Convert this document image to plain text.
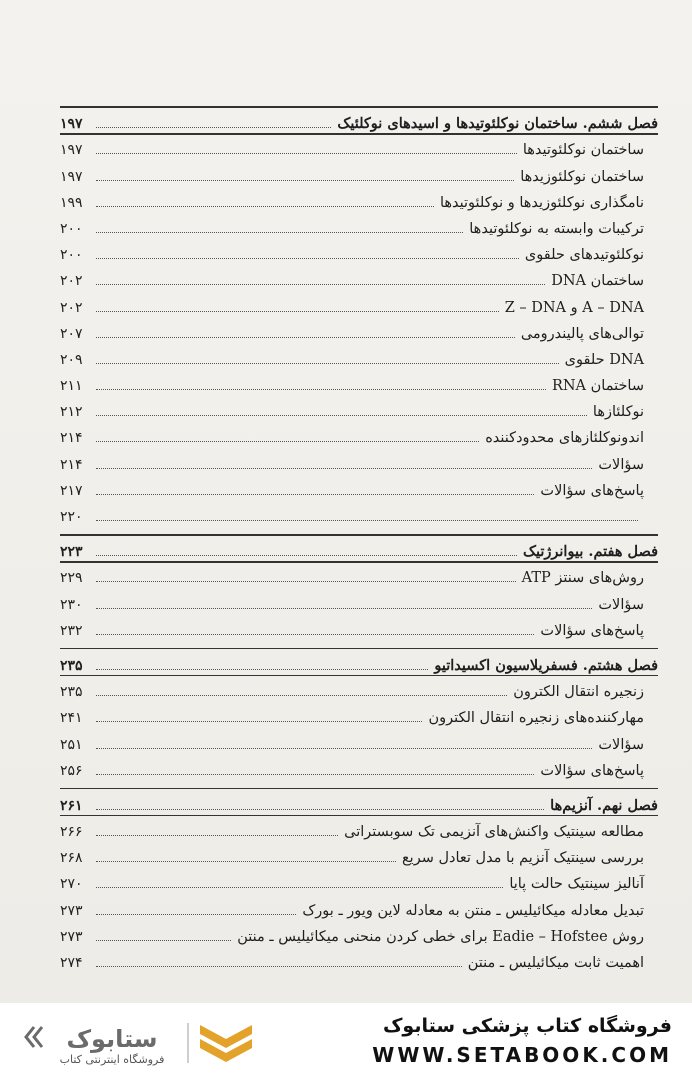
فصل ششم. ساختمان نوکلئوتیدها و اسیدهای نوکلئیک
۱۹۷
ساختمان نوکلئوتیدها
۱۹۷
ساختمان نوکلئوزیدها
۱۹۷
نامگذاری نوکلئوزیدها و نوکلئوتیدها
۱۹۹
ترکیبات وابسته به نوکلئوتیدها
۲۰۰
نوکلئوتیدهای حلقوی
۲۰۰
ساختمان DNA
۲۰۲
A – DNA و Z – DNA
۲۰۲
توالی‌های پالیندرومی
۲۰۷
DNA حلقوی
۲۰۹
ساختمان RNA
۲۱۱
نوکلئازها
۲۱۲
اندونوکلئازهای محدودکننده
۲۱۴
سؤالات
۲۱۴
پاسخ‌های سؤالات
۲۱۷
۲۲۰
فصل هفتم. بیوانرژتیک
۲۲۳
روش‌های سنتز ATP
۲۲۹
سؤالات
۲۳۰
پاسخ‌های سؤالات
۲۳۲
فصل هشتم. فسفریلاسیون اکسیداتیو
۲۳۵
زنجیره انتقال الکترون
۲۳۵
مهارکننده‌های زنجیره انتقال الکترون
۲۴۱
سؤالات
۲۵۱
پاسخ‌های سؤالات
۲۵۶
فصل نهم. آنزیم‌ها
۲۶۱
مطالعه سینتیک واکنش‌های آنزیمی تک سوبستراتی
۲۶۶
بررسی سینتیک آنزیم با مدل تعادل سریع
۲۶۸
آنالیز سینتیک حالت پایا
۲۷۰
تبدیل معادله میکائیلیس ـ منتن به معادله لاین ویور ـ بورک
۲۷۳
روش Eadie – Hofstee برای خطی کردن منحنی میکائیلیس ـ منتن
۲۷۳
اهمیت ثابت میکائیلیس ـ منتن
۲۷۴
ستابوک
فروشگاه اینترنتی کتاب
فروشگاه کتاب پزشکی ستابوک
WWW.SETABOOK.COM
